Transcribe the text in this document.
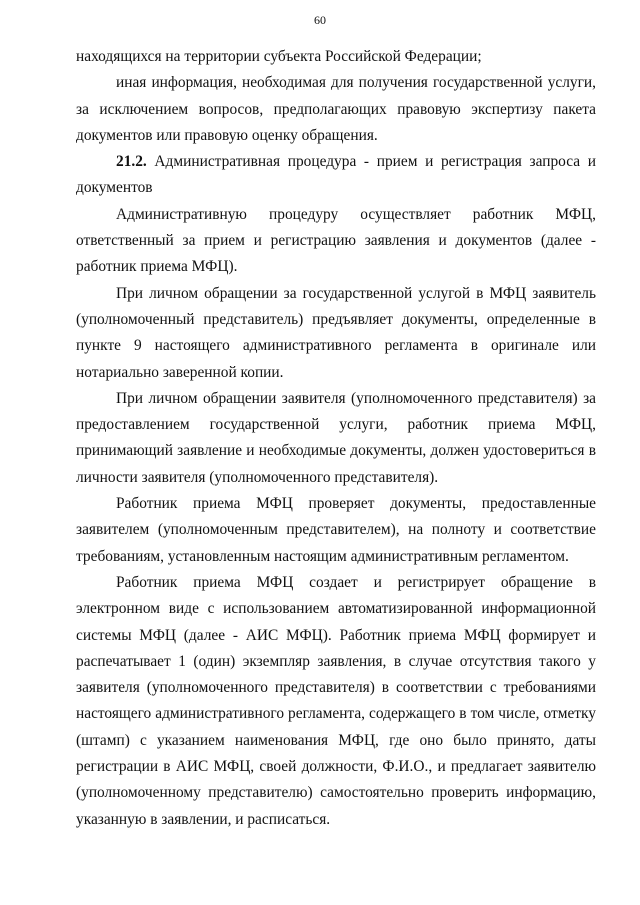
60

находящихся на территории субъекта Российской Федерации;

иная информация, необходимая для получения государственной услуги, за исключением вопросов, предполагающих правовую экспертизу пакета документов или правовую оценку обращения.

21.2. Административная процедура - прием и регистрация запроса и документов

Административную процедуру осуществляет работник МФЦ, ответственный за прием и регистрацию заявления и документов (далее - работник приема МФЦ).

При личном обращении за государственной услугой в МФЦ заявитель (уполномоченный представитель) предъявляет документы, определенные в пункте 9 настоящего административного регламента в оригинале или нотариально заверенной копии.

При личном обращении заявителя (уполномоченного представителя) за предоставлением государственной услуги, работник приема МФЦ, принимающий заявление и необходимые документы, должен удостовериться в личности заявителя (уполномоченного представителя).

Работник приема МФЦ проверяет документы, предоставленные заявителем (уполномоченным представителем), на полноту и соответствие требованиям, установленным настоящим административным регламентом.

Работник приема МФЦ создает и регистрирует обращение в электронном виде с использованием автоматизированной информационной системы МФЦ (далее - АИС МФЦ). Работник приема МФЦ формирует и распечатывает 1 (один) экземпляр заявления, в случае отсутствия такого у заявителя (уполномоченного представителя) в соответствии с требованиями настоящего административного регламента, содержащего в том числе, отметку (штамп) с указанием наименования МФЦ, где оно было принято, даты регистрации в АИС МФЦ, своей должности, Ф.И.О., и предлагает заявителю (уполномоченному представителю) самостоятельно проверить информацию, указанную в заявлении, и расписаться.
